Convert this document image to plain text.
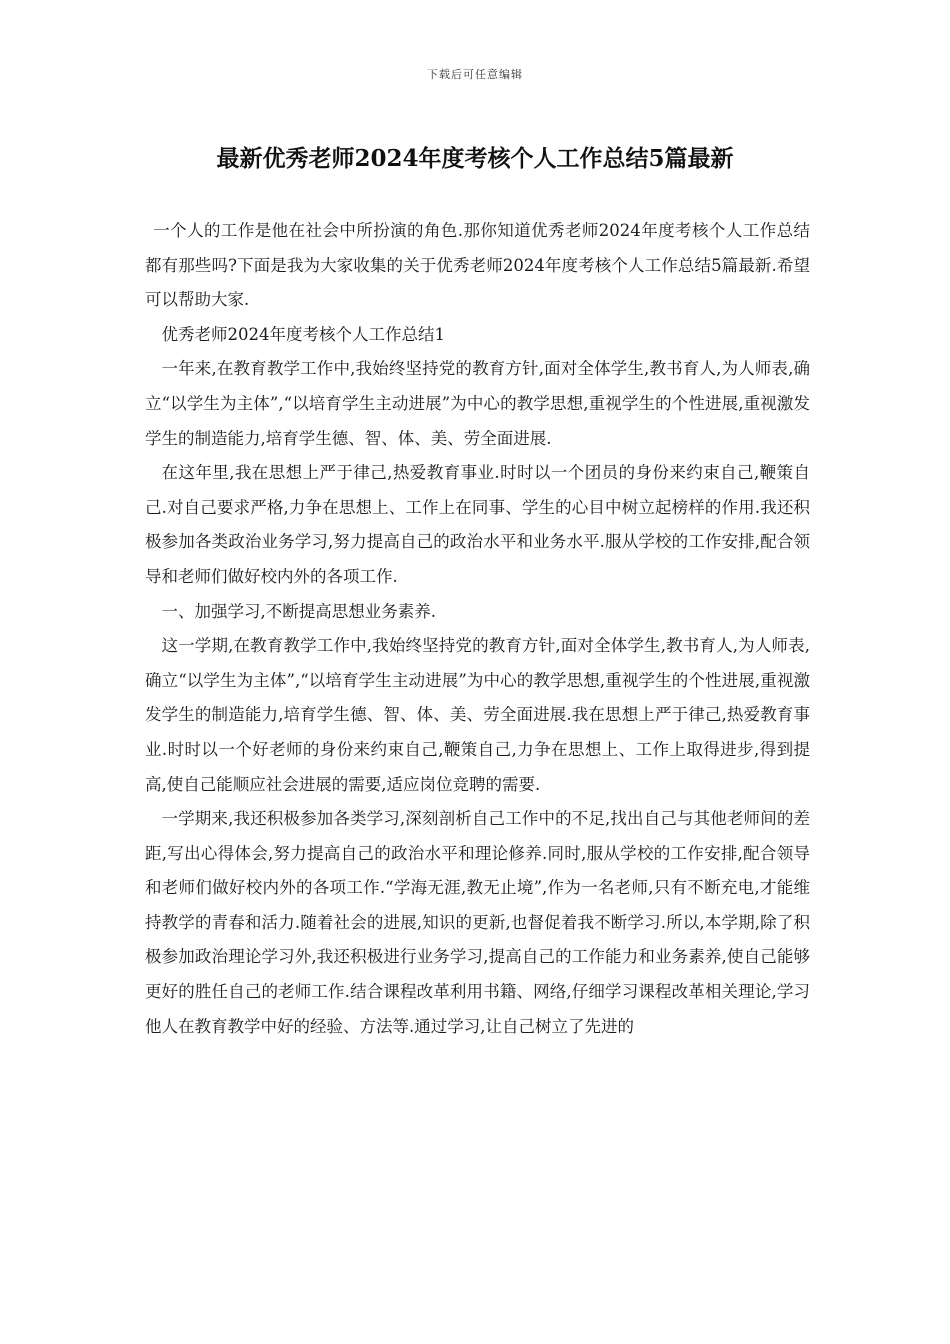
下载后可任意编辑
最新优秀老师2024年度考核个人工作总结5篇最新

一个人的工作是他在社会中所扮演的角色.那你知道优秀老师2024年度考核个人工作总结都有那些吗?下面是我为大家收集的关于优秀老师2024年度考核个人工作总结5篇最新.希望可以帮助大家.

优秀老师2024年度考核个人工作总结1

一年来,在教育教学工作中,我始终坚持党的教育方针,面对全体学生,教书育人,为人师表,确立“以学生为主体”,“以培育学生主动进展”为中心的教学思想,重视学生的个性进展,重视激发学生的制造能力,培育学生德、智、体、美、劳全面进展.

在这年里,我在思想上严于律己,热爱教育事业.时时以一个团员的身份来约束自己,鞭策自己.对自己要求严格,力争在思想上、工作上在同事、学生的心目中树立起榜样的作用.我还积极参加各类政治业务学习,努力提高自己的政治水平和业务水平.服从学校的工作安排,配合领导和老师们做好校内外的各项工作.

一、加强学习,不断提高思想业务素养.

这一学期,在教育教学工作中,我始终坚持党的教育方针,面对全体学生,教书育人,为人师表,确立“以学生为主体”,“以培育学生主动进展”为中心的教学思想,重视学生的个性进展,重视激发学生的制造能力,培育学生德、智、体、美、劳全面进展.我在思想上严于律己,热爱教育事业.时时以一个好老师的身份来约束自己,鞭策自己,力争在思想上、工作上取得进步,得到提高,使自己能顺应社会进展的需要,适应岗位竞聘的需要.

一学期来,我还积极参加各类学习,深刻剖析自己工作中的不足,找出自己与其他老师间的差距,写出心得体会,努力提高自己的政治水平和理论修养.同时,服从学校的工作安排,配合领导和老师们做好校内外的各项工作.“学海无涯,教无止境”,作为一名老师,只有不断充电,才能维持教学的青春和活力.随着社会的进展,知识的更新,也督促着我不断学习.所以,本学期,除了积极参加政治理论学习外,我还积极进行业务学习,提高自己的工作能力和业务素养,使自己能够更好的胜任自己的老师工作.结合课程改革利用书籍、网络,仔细学习课程改革相关理论,学习他人在教育教学中好的经验、方法等.通过学习,让自己树立了先进的
